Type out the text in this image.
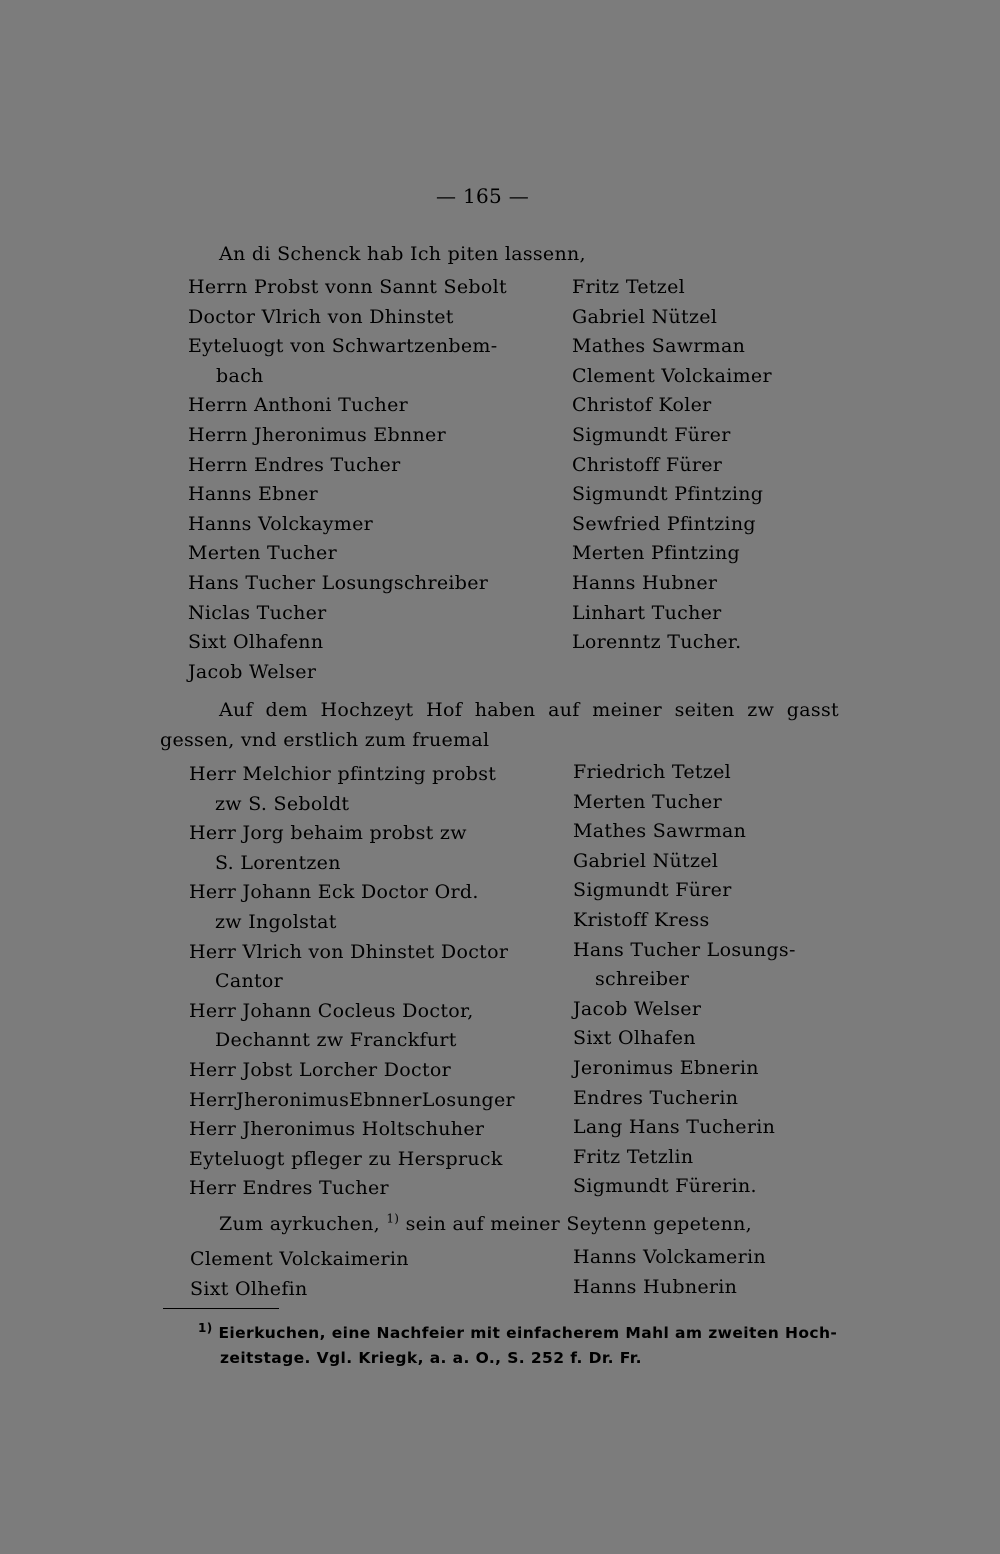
— 165 —
An di Schenck hab Ich piten lassenn,
Herrn Probst vonn Sannt Sebolt
Doctor Vlrich von Dhinstet
Eyteluogt von Schwartzenbem-
bach
Herrn Anthoni Tucher
Herrn Jheronimus Ebnner
Herrn Endres Tucher
Hanns Ebner
Hanns Volckaymer
Merten Tucher
Hans Tucher Losungschreiber
Niclas Tucher
Sixt Olhafenn
Jacob Welser
Fritz Tetzel
Gabriel Nützel
Mathes Sawrman
Clement Volckaimer
Christof Koler
Sigmundt Fürer
Christoff Fürer
Sigmundt Pfintzing
Sewfried Pfintzing
Merten Pfintzing
Hanns Hubner
Linhart Tucher
Lorenntz Tucher.
Auf dem Hochzeyt Hof haben auf meiner seiten zw gasst
gessen, vnd erstlich zum fruemal
Herr Melchior pfintzing probst
zw S. Seboldt
Herr Jorg behaim probst zw
S. Lorentzen
Herr Johann Eck Doctor Ord.
zw Ingolstat
Herr Vlrich von Dhinstet Doctor
Cantor
Herr Johann Cocleus Doctor,
Dechannt zw Franckfurt
Herr Jobst Lorcher Doctor
HerrJheronimusEbnnerLosunger
Herr Jheronimus Holtschuher
Eyteluogt pfleger zu Herspruck
Herr Endres Tucher
Friedrich Tetzel
Merten Tucher
Mathes Sawrman
Gabriel Nützel
Sigmundt Fürer
Kristoff Kress
Hans Tucher Losungs-
schreiber
Jacob Welser
Sixt Olhafen
Jeronimus Ebnerin
Endres Tucherin
Lang Hans Tucherin
Fritz Tetzlin
Sigmundt Fürerin.
Zum ayrkuchen, $^{1)}$ sein auf meiner Seytenn gepetenn,
Clement Volckaimerin
Sixt Olhefin
Hanns Volckamerin
Hanns Hubnerin
$^{1)}$ Eierkuchen, eine Nachfeier mit einfacherem Mahl am zweiten Hoch-
zeitstage. Vgl. Kriegk, a. a. O., S. 252 f. Dr. Fr.
